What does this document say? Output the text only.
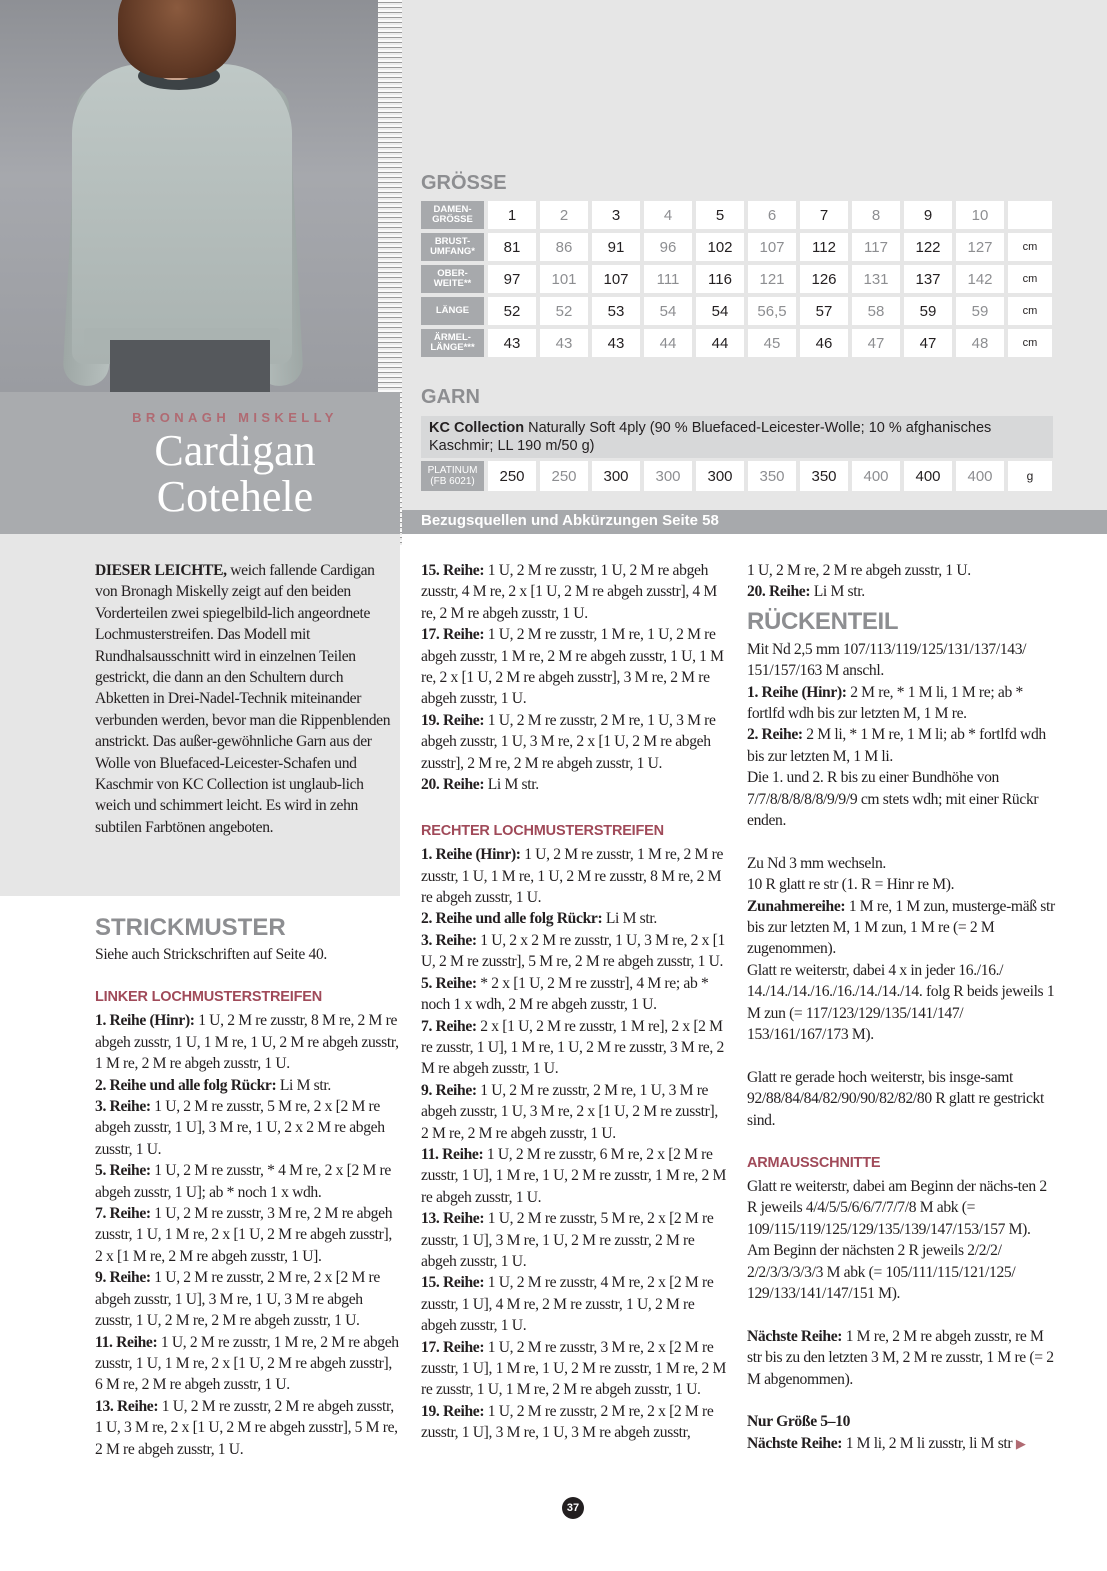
BRONAGH MISKELLY
Cardigan
Cotehele
GRÖSSE
DAMEN-GRÖSSE	1	2	3	4	5	6	7	8	9	10	
BRUST-UMFANG*	81	86	91	96	102	107	112	117	122	127	cm
OBER-WEITE**	97	101	107	111	116	121	126	131	137	142	cm
LÄNGE	52	52	53	54	54	56,5	57	58	59	59	cm
ÄRMEL-LÄNGE***	43	43	43	44	44	45	46	47	47	48	cm
GARN
KC Collection Naturally Soft 4ply (90 % Bluefaced-Leicester-Wolle; 10 % afghanisches Kaschmir; LL 190 m/50 g)
PLATINUM (FB 6021)	250	250	300	300	300	350	350	400	400	400	g
Bezugsquellen und Abkürzungen Seite 58

DIESER LEICHTE, weich fallende Cardigan von Bronagh Miskelly zeigt auf den beiden Vorderteilen zwei spiegelbild-lich angeordnete Lochmusterstreifen. Das Modell mit Rundhalsausschnitt wird in einzelnen Teilen gestrickt, die dann an den Schultern durch Abketten in Drei-Nadel-Technik miteinander verbunden werden, bevor man die Rippenblenden anstrickt. Das außer-gewöhnliche Garn aus der Wolle von Bluefaced-Leicester-Schafen und Kaschmir von KC Collection ist unglaub-lich weich und schimmert leicht. Es wird in zehn subtilen Farbtönen angeboten.

STRICKMUSTER
Siehe auch Strickschriften auf Seite 40.
LINKER LOCHMUSTERSTREIFEN

1. Reihe (Hinr): 1 U, 2 M re zusstr, 8 M re, 2 M re abgeh zusstr, 1 U, 1 M re, 1 U, 2 M re abgeh zusstr, 1 M re, 2 M re abgeh zusstr, 1 U.

2. Reihe und alle folg Rückr: Li M str.

3. Reihe: 1 U, 2 M re zusstr, 5 M re, 2 x [2 M re abgeh zusstr, 1 U], 3 M re, 1 U, 2 x 2 M re abgeh zusstr, 1 U.

5. Reihe: 1 U, 2 M re zusstr, * 4 M re, 2 x [2 M re abgeh zusstr, 1 U]; ab * noch 1 x wdh.

7. Reihe: 1 U, 2 M re zusstr, 3 M re, 2 M re abgeh zusstr, 1 U, 1 M re, 2 x [1 U, 2 M re abgeh zusstr], 2 x [1 M re, 2 M re abgeh zusstr, 1 U].

9. Reihe: 1 U, 2 M re zusstr, 2 M re, 2 x [2 M re abgeh zusstr, 1 U], 3 M re, 1 U, 3 M re abgeh zusstr, 1 U, 2 M re, 2 M re abgeh zusstr, 1 U.

11. Reihe: 1 U, 2 M re zusstr, 1 M re, 2 M re abgeh zusstr, 1 U, 1 M re, 2 x [1 U, 2 M re abgeh zusstr], 6 M re, 2 M re abgeh zusstr, 1 U.

13. Reihe: 1 U, 2 M re zusstr, 2 M re abgeh zusstr, 1 U, 3 M re, 2 x [1 U, 2 M re abgeh zusstr], 5 M re, 2 M re abgeh zusstr, 1 U.

15. Reihe: 1 U, 2 M re zusstr, 1 U, 2 M re abgeh zusstr, 4 M re, 2 x [1 U, 2 M re abgeh zusstr], 4 M re, 2 M re abgeh zusstr, 1 U.

17. Reihe: 1 U, 2 M re zusstr, 1 M re, 1 U, 2 M re abgeh zusstr, 1 M re, 2 M re abgeh zusstr, 1 U, 1 M re, 2 x [1 U, 2 M re abgeh zusstr], 3 M re, 2 M re abgeh zusstr, 1 U.

19. Reihe: 1 U, 2 M re zusstr, 2 M re, 1 U, 3 M re abgeh zusstr, 1 U, 3 M re, 2 x [1 U, 2 M re abgeh zusstr], 2 M re, 2 M re abgeh zusstr, 1 U.

20. Reihe: Li M str.

RECHTER LOCHMUSTERSTREIFEN

1. Reihe (Hinr): 1 U, 2 M re zusstr, 1 M re, 2 M re zusstr, 1 U, 1 M re, 1 U, 2 M re zusstr, 8 M re, 2 M re abgeh zusstr, 1 U.

2. Reihe und alle folg Rückr: Li M str.

3. Reihe: 1 U, 2 x 2 M re zusstr, 1 U, 3 M re, 2 x [1 U, 2 M re zusstr], 5 M re, 2 M re abgeh zusstr, 1 U.

5. Reihe: * 2 x [1 U, 2 M re zusstr], 4 M re; ab * noch 1 x wdh, 2 M re abgeh zusstr, 1 U.

7. Reihe: 2 x [1 U, 2 M re zusstr, 1 M re], 2 x [2 M re zusstr, 1 U], 1 M re, 1 U, 2 M re zusstr, 3 M re, 2 M re abgeh zusstr, 1 U.

9. Reihe: 1 U, 2 M re zusstr, 2 M re, 1 U, 3 M re abgeh zusstr, 1 U, 3 M re, 2 x [1 U, 2 M re zusstr], 2 M re, 2 M re abgeh zusstr, 1 U.

11. Reihe: 1 U, 2 M re zusstr, 6 M re, 2 x [2 M re zusstr, 1 U], 1 M re, 1 U, 2 M re zusstr, 1 M re, 2 M re abgeh zusstr, 1 U.

13. Reihe: 1 U, 2 M re zusstr, 5 M re, 2 x [2 M re zusstr, 1 U], 3 M re, 1 U, 2 M re zusstr, 2 M re abgeh zusstr, 1 U.

15. Reihe: 1 U, 2 M re zusstr, 4 M re, 2 x [2 M re zusstr, 1 U], 4 M re, 2 M re zusstr, 1 U, 2 M re abgeh zusstr, 1 U.

17. Reihe: 1 U, 2 M re zusstr, 3 M re, 2 x [2 M re zusstr, 1 U], 1 M re, 1 U, 2 M re zusstr, 1 M re, 2 M re zusstr, 1 U, 1 M re, 2 M re abgeh zusstr, 1 U.

19. Reihe: 1 U, 2 M re zusstr, 2 M re, 2 x [2 M re zusstr, 1 U], 3 M re, 1 U, 3 M re abgeh zusstr,

1 U, 2 M re, 2 M re abgeh zusstr, 1 U.

20. Reihe: Li M str.

RÜCKENTEIL

Mit Nd 2,5 mm 107/113/119/125/131/137/143/ 151/157/163 M anschl.

1. Reihe (Hinr): 2 M re, * 1 M li, 1 M re; ab * fortlfd wdh bis zur letzten M, 1 M re.

2. Reihe: 2 M li, * 1 M re, 1 M li; ab * fortlfd wdh bis zur letzten M, 1 M li.

Die 1. und 2. R bis zu einer Bundhöhe von 7/7/8/8/8/8/8/9/9/9 cm stets wdh; mit einer Rückr enden.

Zu Nd 3 mm wechseln.

10 R glatt re str (1. R = Hinr re M).

Zunahmereihe: 1 M re, 1 M zun, musterge-mäß str bis zur letzten M, 1 M zun, 1 M re (= 2 M zugenommen).

Glatt re weiterstr, dabei 4 x in jeder 16./16./ 14./14./14./16./16./14./14./14. folg R beids jeweils 1 M zun (= 117/123/129/135/141/147/ 153/161/167/173 M).

Glatt re gerade hoch weiterstr, bis insge-samt 92/88/84/84/82/90/90/82/82/80 R glatt re gestrickt sind.

ARMAUSSCHNITTE

Glatt re weiterstr, dabei am Beginn der nächs-ten 2 R jeweils 4/4/5/5/6/6/7/7/7/8 M abk (= 109/115/119/125/129/135/139/147/153/157 M). Am Beginn der nächsten 2 R jeweils 2/2/2/ 2/2/3/3/3/3/3 M abk (= 105/111/115/121/125/ 129/133/141/147/151 M).

Nächste Reihe: 1 M re, 2 M re abgeh zusstr, re M str bis zu den letzten 3 M, 2 M re zusstr, 1 M re (= 2 M abgenommen).

Nur Größe 5–10

Nächste Reihe: 1 M li, 2 M li zusstr, li M str ▶

37
